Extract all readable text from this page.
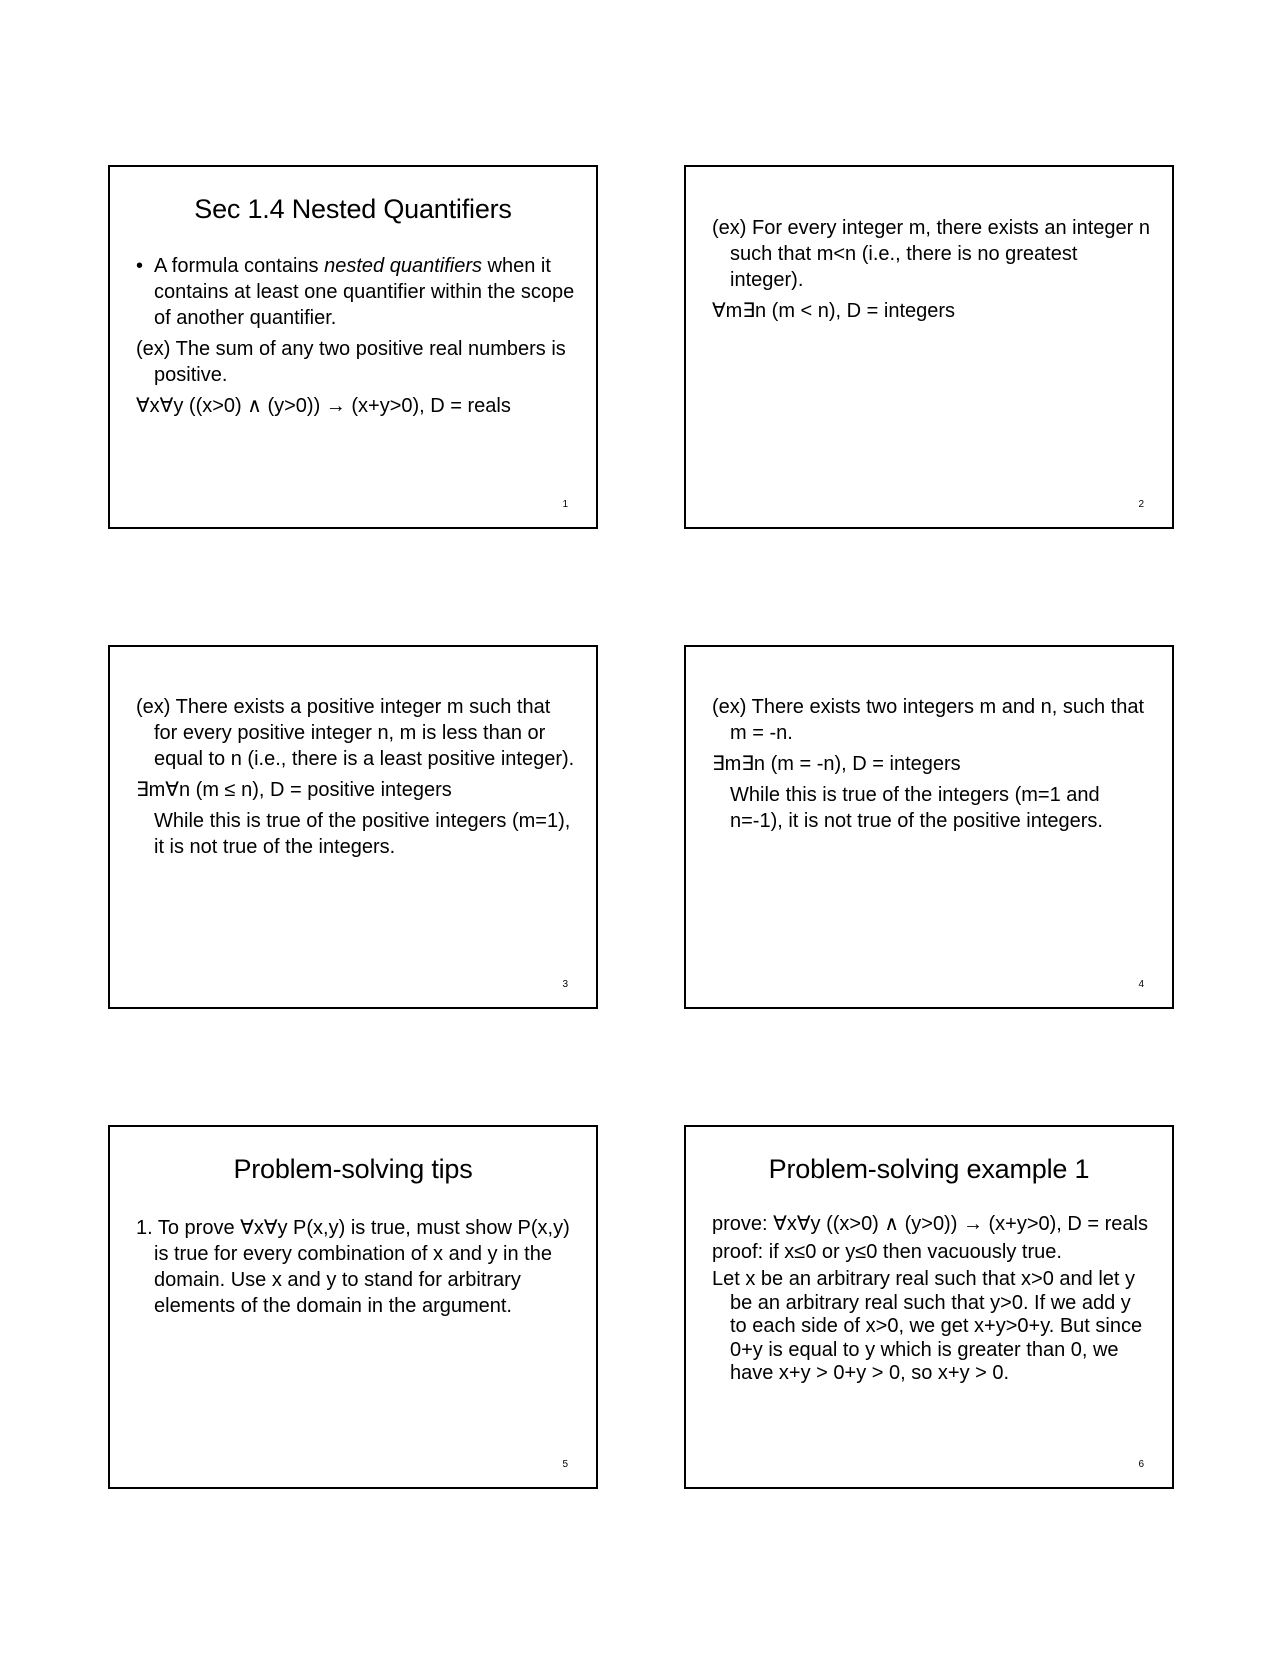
Sec 1.4 Nested Quantifiers
• A formula contains nested quantifiers when it contains at least one quantifier within the scope of another quantifier.

(ex) The sum of any two positive real numbers is positive.

∀x∀y ((x>0) ∧ (y>0)) → (x+y>0), D = reals

1

(ex) For every integer m, there exists an integer n such that m<n (i.e., there is no greatest integer).

∀m∃n (m < n), D = integers

2

(ex) There exists a positive integer m such that for every positive integer n, m is less than or equal to n (i.e., there is a least positive integer).

∃m∀n (m ≤ n), D = positive integers

While this is true of the positive integers (m=1), it is not true of the integers.

3

(ex) There exists two integers m and n, such that m = -n.

∃m∃n (m = -n), D = integers

While this is true of the integers (m=1 and n=-1), it is not true of the positive integers.

4
Problem-solving tips

1. To prove ∀x∀y P(x,y) is true, must show P(x,y) is true for every combination of x and y in the domain. Use x and y to stand for arbitrary elements of the domain in the argument.

5
Problem-solving example 1

prove: ∀x∀y ((x>0) ∧ (y>0)) → (x+y>0), D = reals

proof: if x≤0 or y≤0 then vacuously true.

Let x be an arbitrary real such that x>0 and let y be an arbitrary real such that y>0. If we add y to each side of x>0, we get x+y>0+y. But since 0+y is equal to y which is greater than 0, we have x+y > 0+y > 0, so x+y > 0.

6
